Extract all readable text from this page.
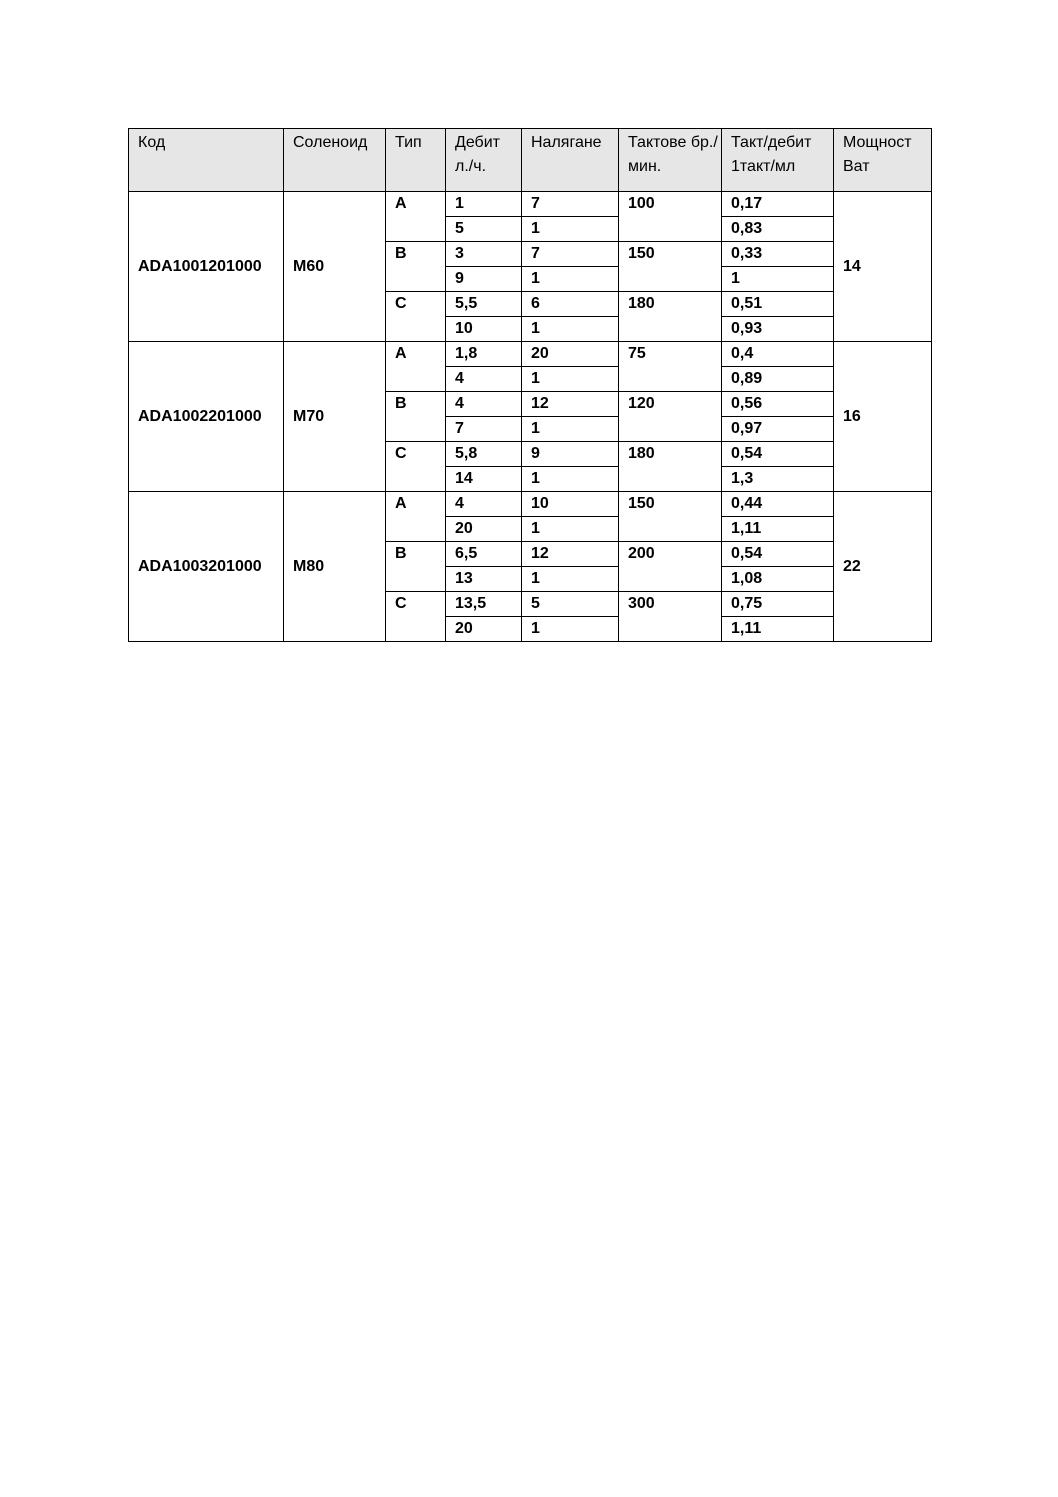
Код	Соленоид	Тип	Дебит л./ч.	Налягане	Тактове бр./мин.	Такт/дебит 1такт/мл	Мощност Ват
ADA1001201000	M60	A	1	7	100	0,17	14
			5	1		0,83	
		B	3	7	150	0,33	
			9	1		1	
		C	5,5	6	180	0,51	
			10	1		0,93	
ADA1002201000	M70	A	1,8	20	75	0,4	16
			4	1		0,89	
		B	4	12	120	0,56	
			7	1		0,97	
		C	5,8	9	180	0,54	
			14	1		1,3	
ADA1003201000	M80	A	4	10	150	0,44	22
			20	1		1,11	
		B	6,5	12	200	0,54	
			13	1		1,08	
		C	13,5	5	300	0,75	
			20	1		1,11	
